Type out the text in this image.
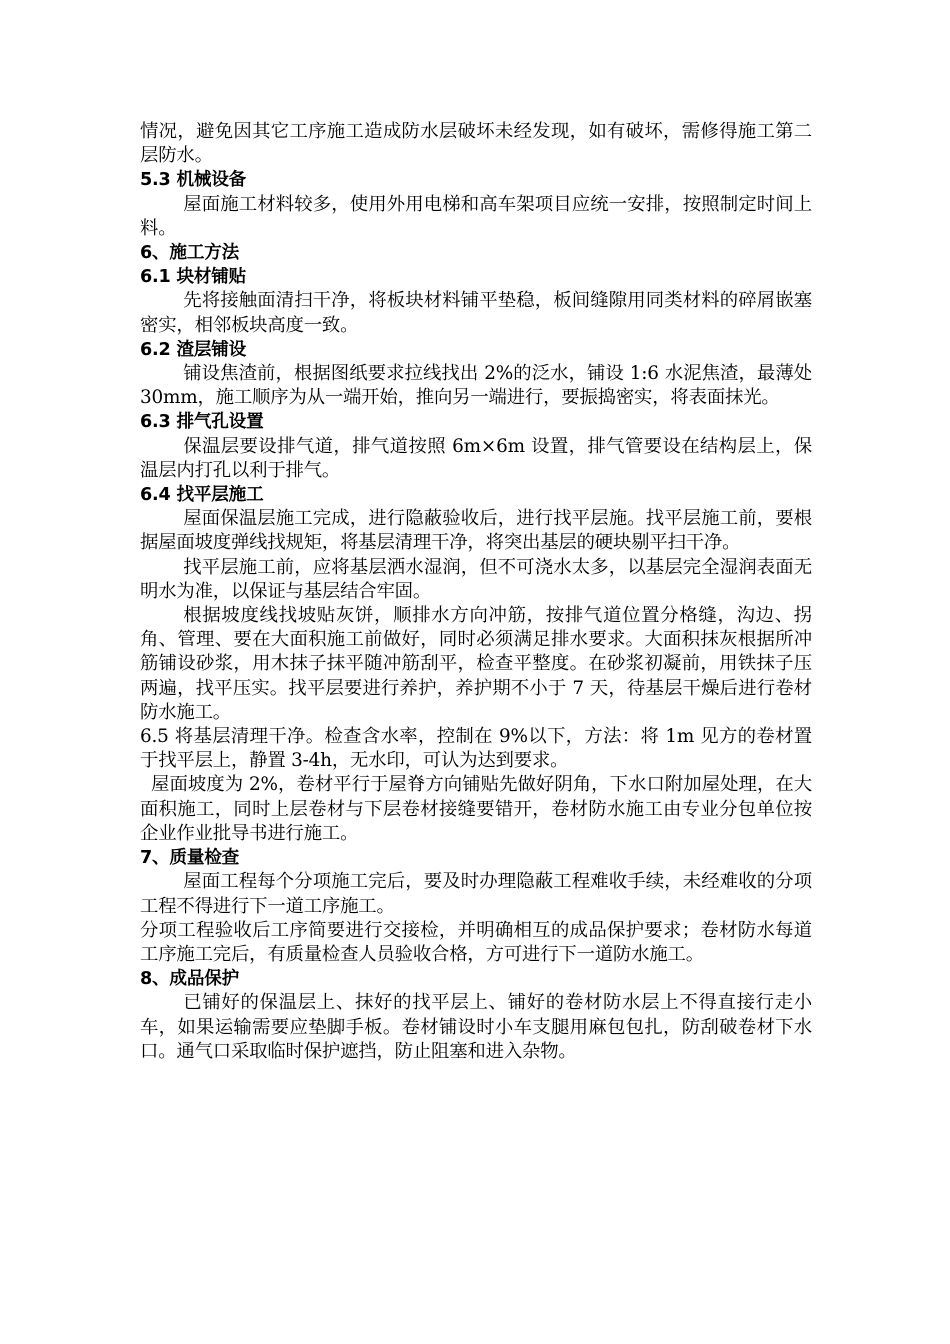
情况，避免因其它工序施工造成防水层破坏未经发现，如有破坏，需修得施工第二层防水。

5.3 机械设备

屋面施工材料较多，使用外用电梯和高车架项目应统一安排，按照制定时间上料。

6、施工方法

6.1 块材铺贴

先将接触面清扫干净，将板块材料铺平垫稳，板间缝隙用同类材料的碎屑嵌塞密实，相邻板块高度一致。

6.2 渣层铺设

铺设焦渣前，根据图纸要求拉线找出 2%的泛水，铺设 1:6 水泥焦渣，最薄处 30mm，施工顺序为从一端开始，推向另一端进行，要振捣密实，将表面抹光。

6.3 排气孔设置

保温层要设排气道，排气道按照 6m×6m 设置，排气管要设在结构层上，保温层内打孔以利于排气。

6.4 找平层施工

屋面保温层施工完成，进行隐蔽验收后，进行找平层施。找平层施工前，要根据屋面坡度弹线找规矩，将基层清理干净，将突出基层的硬块剔平扫干净。

找平层施工前，应将基层洒水湿润，但不可浇水太多，以基层完全湿润表面无明水为准，以保证与基层结合牢固。

根据坡度线找坡贴灰饼，顺排水方向冲筋，按排气道位置分格缝，沟边、拐角、管理、要在大面积施工前做好，同时必须满足排水要求。大面积抹灰根据所冲筋铺设砂浆，用木抹子抹平随冲筋刮平，检查平整度。在砂浆初凝前，用铁抹子压两遍，找平压实。找平层要进行养护，养护期不小于 7 天，待基层干燥后进行卷材防水施工。

6.5 将基层清理干净。检查含水率，控制在 9%以下，方法：将 1m 见方的卷材置于找平层上，静置 3-4h，无水印，可认为达到要求。

屋面坡度为 2%，卷材平行于屋脊方向铺贴先做好阴角，下水口附加屋处理，在大面积施工，同时上层卷材与下层卷材接缝要错开，卷材防水施工由专业分包单位按企业作业批导书进行施工。

7、质量检查

屋面工程每个分项施工完后，要及时办理隐蔽工程难收手续，未经难收的分项工程不得进行下一道工序施工。

分项工程验收后工序简要进行交接检，并明确相互的成品保护要求；卷材防水每道工序施工完后，有质量检查人员验收合格，方可进行下一道防水施工。

8、成品保护

已铺好的保温层上、抹好的找平层上、铺好的卷材防水层上不得直接行走小车，如果运输需要应垫脚手板。卷材铺设时小车支腿用麻包包扎，防刮破卷材下水口。通气口采取临时保护遮挡，防止阻塞和进入杂物。
